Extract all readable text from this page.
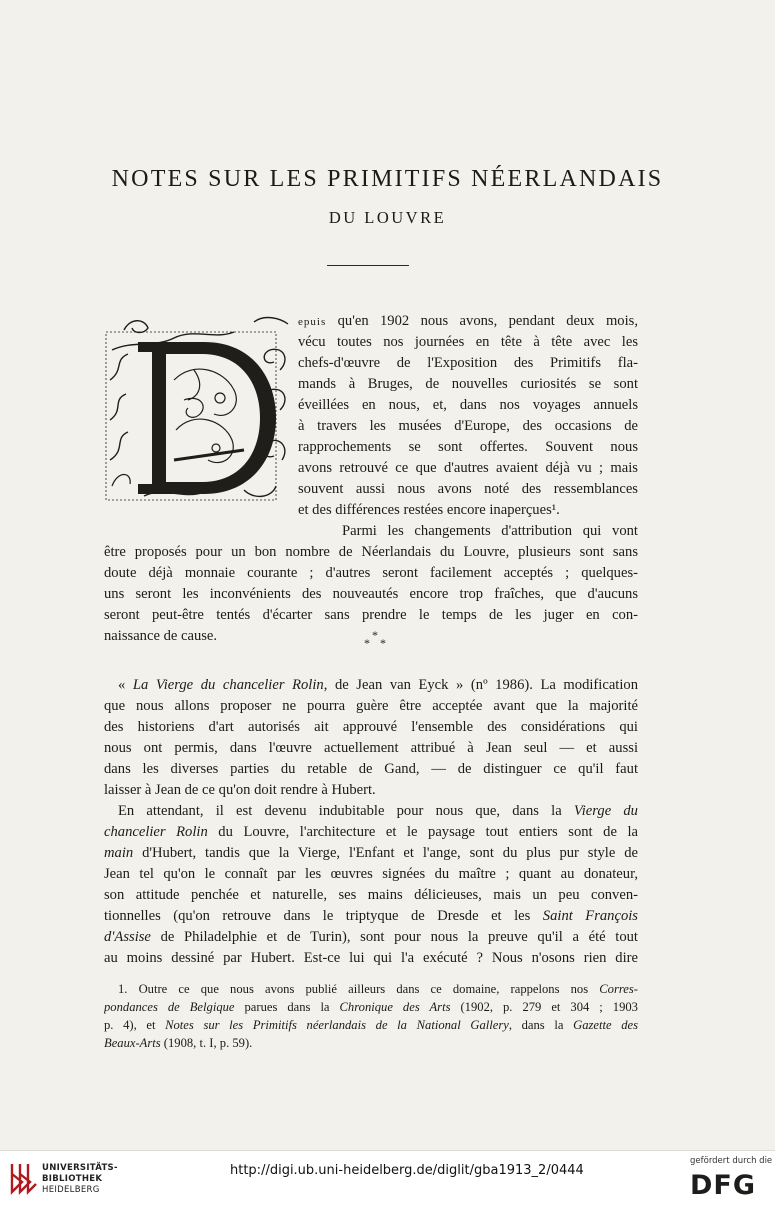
NOTES SUR LES PRIMITIFS NÉERLANDAIS
DU LOUVRE
epuis qu'en 1902 nous avons, pendant deux mois,
vécu toutes nos journées en tête à tête avec les
chefs-d'œuvre de l'Exposition des Primitifs fla-
mands à Bruges, de nouvelles curiosités se sont
éveillées en nous, et, dans nos voyages annuels
à travers les musées d'Europe, des occasions de
rapprochements se sont offertes. Souvent nous
avons retrouvé ce que d'autres avaient déjà vu ; mais
souvent aussi nous avons noté des ressemblances
et des différences restées encore inaperçues¹.
Parmi les changements d'attribution qui vont
être proposés pour un bon nombre de Néerlandais du Louvre, plusieurs sont sans
doute déjà monnaie courante ; d'autres seront facilement acceptés ; quelques-
uns seront les inconvénients des nouveautés encore trop fraîches, que d'aucuns
seront peut-être tentés d'écarter sans prendre le temps de les juger en con-
naissance de cause.
« La Vierge du chancelier Rolin, de Jean van Eyck » (nº 1986). La modification
que nous allons proposer ne pourra guère être acceptée avant que la majorité
des historiens d'art autorisés ait approuvé l'ensemble des considérations qui
nous ont permis, dans l'œuvre actuellement attribué à Jean seul — et aussi
dans les diverses parties du retable de Gand, — de distinguer ce qu'il faut
laisser à Jean de ce qu'on doit rendre à Hubert.
En attendant, il est devenu indubitable pour nous que, dans la Vierge du
chancelier Rolin du Louvre, l'architecture et le paysage tout entiers sont de la
main d'Hubert, tandis que la Vierge, l'Enfant et l'ange, sont du plus pur style de
Jean tel qu'on le connaît par les œuvres signées du maître ; quant au donateur,
son attitude penchée et naturelle, ses mains délicieuses, mais un peu conven-
tionnelles (qu'on retrouve dans le triptyque de Dresde et les Saint François
d'Assise de Philadelphie et de Turin), sont pour nous la preuve qu'il a été tout
au moins dessiné par Hubert. Est-ce lui qui l'a exécuté ? Nous n'osons rien dire
*
* *
1. Outre ce que nous avons publié ailleurs dans ce domaine, rappelons nos Corres-
pondances de Belgique parues dans la Chronique des Arts (1902, p. 279 et 304 ; 1903
p. 4), et Notes sur les Primitifs néerlandais de la National Gallery, dans la Gazette des
Beaux-Arts (1908, t. I, p. 59).
UNIVERSITÄTS-
BIBLIOTHEK
HEIDELBERG
http://digi.ub.uni-heidelberg.de/diglit/gba1913_2/0444
gefördert durch die
DFG
